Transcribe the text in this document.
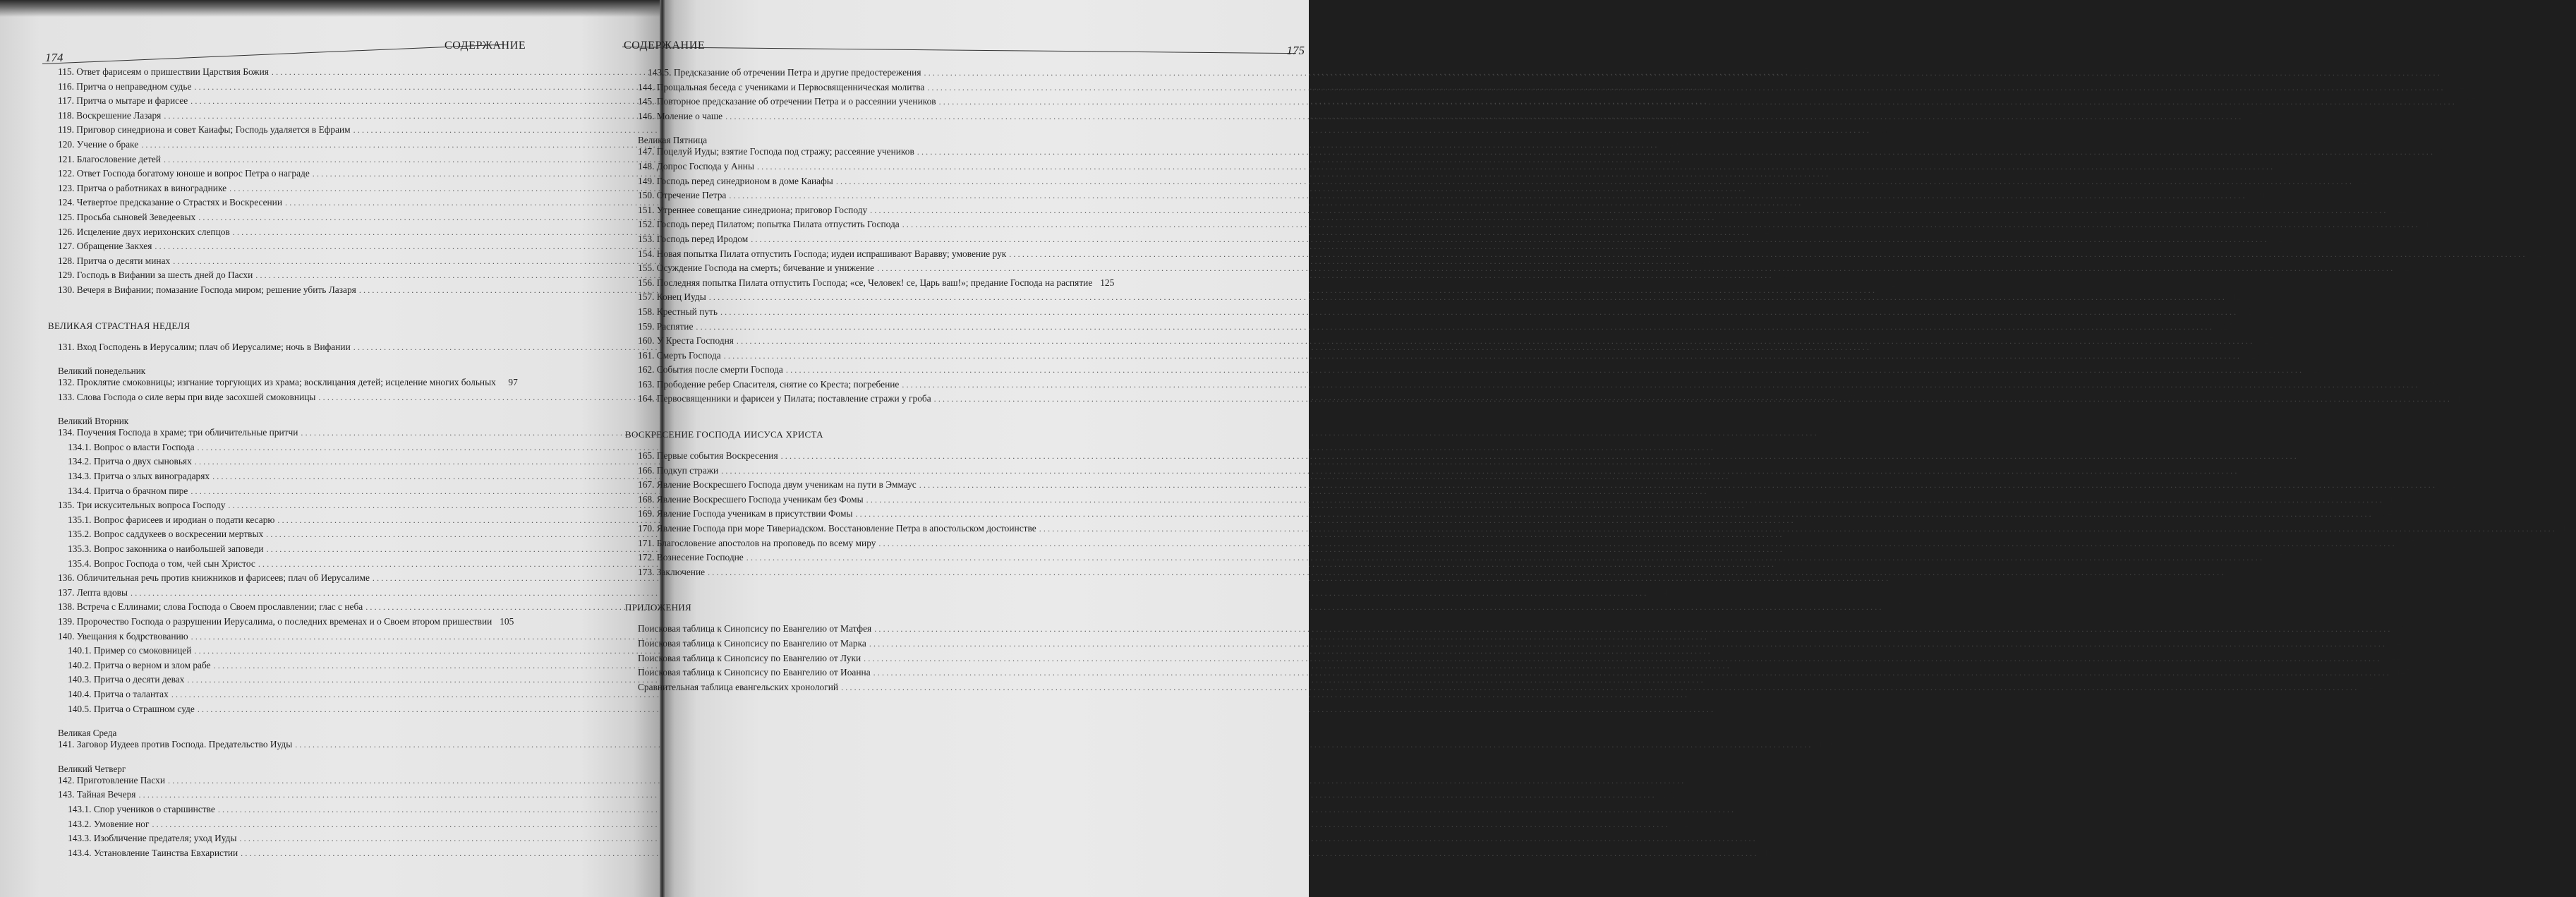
СОДЕРЖАНИЕ
174
115. Ответ фарисеям о пришествии Царствия Божия .....	87
116. Притча о неправедном судье .....	88
117. Притча о мытаре и фарисее .....	88
118. Воскрешение Лазаря .....	89
119. Приговор синедриона и совет Каиафы; Господь удаляется в Ефраим .....	89
120. Учение о браке .....	90
121. Благословение детей .....	91
122. Ответ Господа богатому юноше и вопрос Петра о награде .....	92
123. Притча о работниках в винограднике .....	92
124. Четвертое предсказание о Страстях и Воскресении .....	93
125. Просьба сыновей Зеведеевых .....	93
126. Исцеление двух иерихонских слепцов .....	94
127. Обращение Закхея .....	94
128. Притча о десяти минах .....	95
129. Господь в Вифании за шесть дней до Пасхи .....	95
130. Вечеря в Вифании; помазание Господа миром; решение убить Лазаря .....	95
ВЕЛИКАЯ СТРАСТНАЯ НЕДЕЛЯ
131. Вход Господень в Иерусалим; плач об Иерусалиме; ночь в Вифании .....	96
Великий понедельник
132. Проклятие смоковницы; изгнание торгующих из храма; восклицания детей; исцеление многих больных	97
133. Слова Господа о силе веры при виде засохшей смоковницы .....	98
Великий Вторник
134. Поучения Господа в храме; три обличительные притчи .....	99
134.1. Вопрос о власти Господа .....	99
134.2. Притча о двух сыновьях .....	99
134.3. Притча о злых виноградарях .....	99
134.4. Притча о брачном пире .....	100
135. Три искусительных вопроса Господу .....	101
135.1. Вопрос фарисеев и иродиан о подати кесарю .....	101
135.2. Вопрос саддукеев о воскресении мертвых .....	101
135.3. Вопрос законника о наибольшей заповеди .....	102
135.4. Вопрос Господа о том, чей сын Христос .....	103
136. Обличительная речь против книжников и фарисеев; плач об Иерусалиме .....	103
137. Лепта вдовы .....	104
138. Встреча с Еллинами; слова Господа о Своем прославлении; глас с неба .....	105
139. Пророчество Господа о разрушении Иерусалима, о последних временах и о Своем втором пришествии 105
140. Увещания к бодрствованию .....	108
140.1. Пример со смоковницей .....	108
140.2. Притча о верном и злом рабе .....	109
140.3. Притча о десяти девах .....	109
140.4. Притча о талантах .....	109
140.5. Притча о Страшном суде .....	110
Великая Среда
141. Заговор Иудеев против Господа. Предательство Иуды .....	110
Великий Четверг
142. Приготовление Пасхи .....	111
143. Тайная Вечеря .....	111
143.1. Спор учеников о старшинстве .....	111
143.2. Умовение ног .....	112
143.3. Изобличение предателя; уход Иуды .....	112
143.4. Установление Таинства Евхаристии .....	113
СОДЕРЖАНИЕ	175
143.5. Предсказание об отречении Петра и другие предостережения .....	113
144. Прощальная беседа с учениками и Первосвященническая молитва .....	114
145. Повторное предсказание об отречении Петра и о рассеянии учеников .....	117
146. Моление о чаше .....	117
Великая Пятница
147. Поцелуй Иуды; взятие Господа под стражу; рассеяние учеников .....	118
148. Допрос Господа у Анны .....	120
149. Господь перед синедрионом в доме Каиафы .....	120
150. Отречение Петра .....	121
151. Утреннее совещание синедриона; приговор Господу .....	122
152. Господь перед Пилатом; попытка Пилата отпустить Господа .....	122
153. Господь перед Иродом .....	123
154. Новая попытка Пилата отпустить Господа; иудеи испрашивают Варавву; умовение рук .....	123
155. Осуждение Господа на смерть; бичевание и унижение .....	125
156. Последняя попытка Пилата отпустить Господа; «се, Человек! се, Царь ваш!»; предание Господа на распятие 125
157. Конец Иуды .....	126
158. Крестный путь .....	126
159. Распятие .....	127
160. У Креста Господня .....	127
161. Смерть Господа .....	129
162. События после смерти Господа .....	129
163. Прободение ребер Спасителя, снятие со Креста; погребение .....	129
164. Первосвященники и фарисеи у Пилата; поставление стражи у гроба .....	130
ВОСКРЕСЕНИЕ ГОСПОДА ИИСУСА ХРИСТА
165. Первые события Воскресения .....	131
166. Подкуп стражи .....	132
167. Явление Воскресшего Господа двум ученикам на пути в Эммаус .....	132
168. Явление Воскресшего Господа ученикам без Фомы .....	133
169. Явление Господа ученикам в присутствии Фомы .....	134
170. Явление Господа при море Тивериадском. Восстановление Петра в апостольском достоинстве .....	134
171. Благословение апостолов на проповедь по всему миру .....	135
172. Вознесение Господне .....	135
173. Заключение .....	136
ПРИЛОЖЕНИЯ
Поисковая таблица к Синопсису по Евангелию от Матфея .....	139
Поисковая таблица к Синопсису по Евангелию от Марка .....	142
Поисковая таблица к Синопсису по Евангелию от Луки .....	144
Поисковая таблица к Синопсису по Евангелию от Иоанна .....	147
Сравнительная таблица евангельских хронологий .....	149
